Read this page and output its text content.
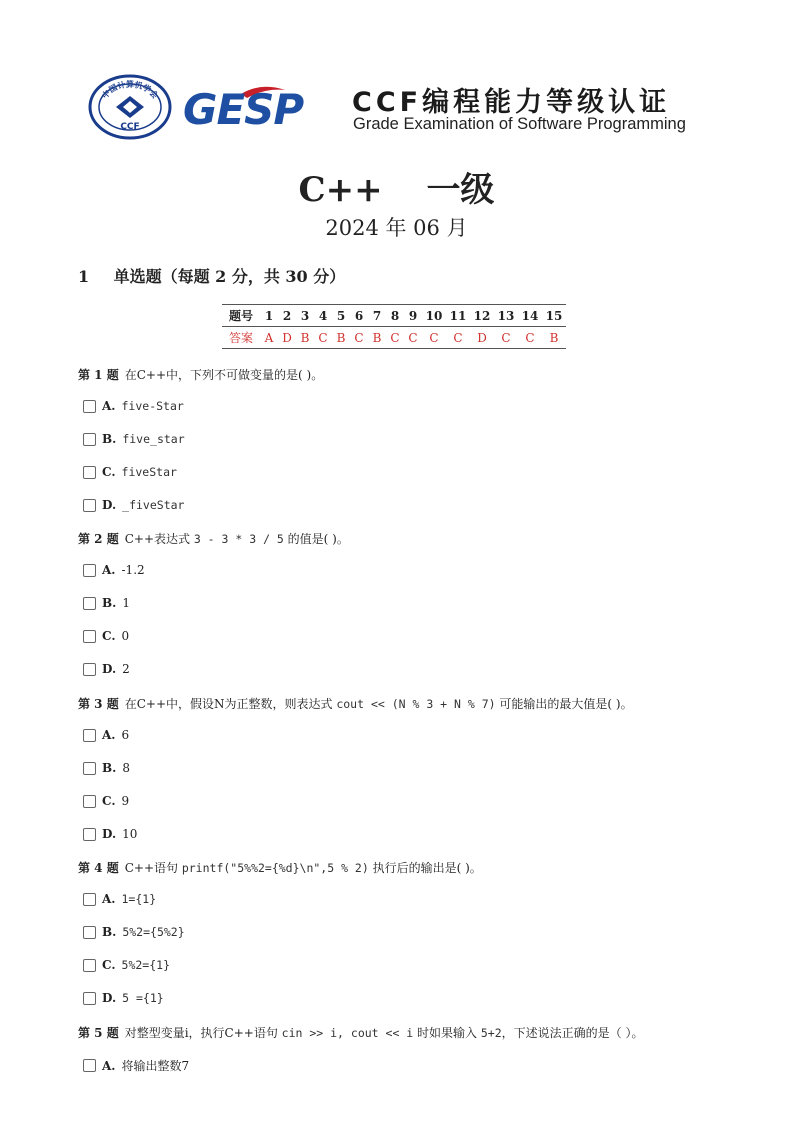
中国计算机学会
CCF GESP CCF编程能力等级认证
Grade Examination of Software Programming
C++ 一级
2024 年 06 月
1 单选题（每题 2 分，共 30 分）
题号	1	2	3	4	5	6	7	8	9	10	11	12	13	14	15
答案	A	D	B	C	B	C	B	C	C	C	C	D	C	C	B
第 1 题 在C++中，下列不可做变量的是( )。
A. five-Star
B. five_star
C. fiveStar
D. _fiveStar
第 2 题 C++表达式 3 - 3 * 3 / 5 的值是( )。
A. -1.2
B. 1
C. 0
D. 2
第 3 题 在C++中，假设N为正整数，则表达式 cout << (N % 3 + N % 7) 可能输出的最大值是( )。
A. 6
B. 8
C. 9
D. 10
第 4 题 C++语句 printf("5%%2={%d}\n",5 % 2) 执行后的输出是( )。
A. 1={1}
B. 5%2={5%2}
C. 5%2={1}
D. 5 ={1}
第 5 题 对整型变量i，执行C++语句 cin >> i, cout << i 时如果输入 5+2，下述说法正确的是（ ）。
A. 将输出整数7
